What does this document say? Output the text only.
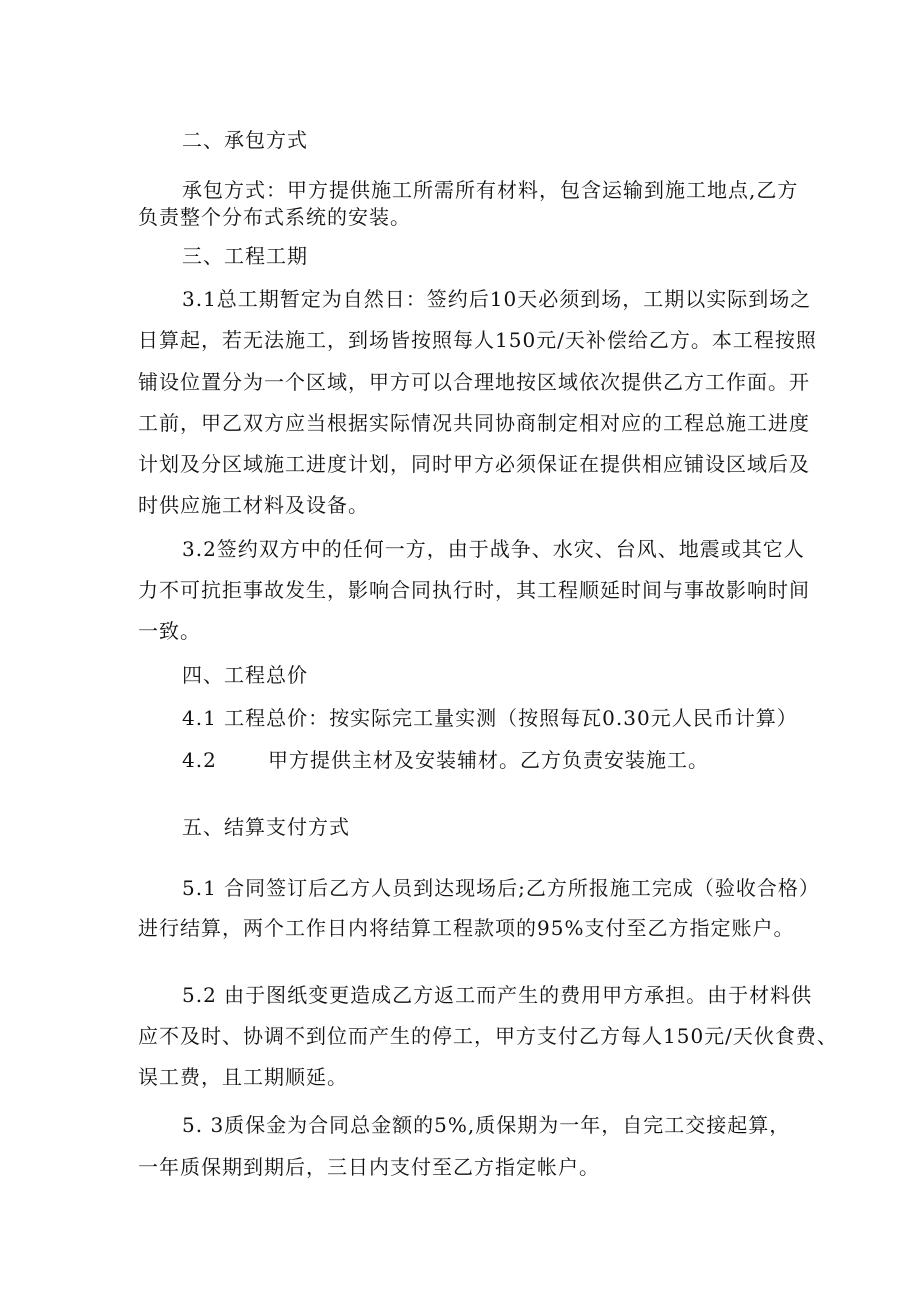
二、承包方式
承包方式：甲方提供施工所需所有材料，包含运输到施工地点,乙方
负责整个分布式系统的安装。
三、工程工期
3.1总工期暂定为自然日：签约后10天必须到场，工期以实际到场之
日算起，若无法施工，到场皆按照每人150元/天补偿给乙方。本工程按照
铺设位置分为一个区域，甲方可以合理地按区域依次提供乙方工作面。开
工前，甲乙双方应当根据实际情况共同协商制定相对应的工程总施工进度
计划及分区域施工进度计划，同时甲方必须保证在提供相应铺设区域后及
时供应施工材料及设备。
3.2签约双方中的任何一方，由于战争、水灾、台风、地震或其它人
力不可抗拒事故发生，影响合同执行时，其工程顺延时间与事故影响时间
一致。
四、工程总价
4.1 工程总价：按实际完工量实测（按照每瓦0.30元人民币计算）
4.2	甲方提供主材及安装辅材。乙方负责安装施工。
五、结算支付方式
5.1 合同签订后乙方人员到达现场后;乙方所报施工完成（验收合格）
进行结算，两个工作日内将结算工程款项的95%支付至乙方指定账户。
5.2 由于图纸变更造成乙方返工而产生的费用甲方承担。由于材料供
应不及时、协调不到位而产生的停工，甲方支付乙方每人150元/天伙食费、
误工费，且工期顺延。
5. 3质保金为合同总金额的5%,质保期为一年，自完工交接起算，
一年质保期到期后，三日内支付至乙方指定帐户。
